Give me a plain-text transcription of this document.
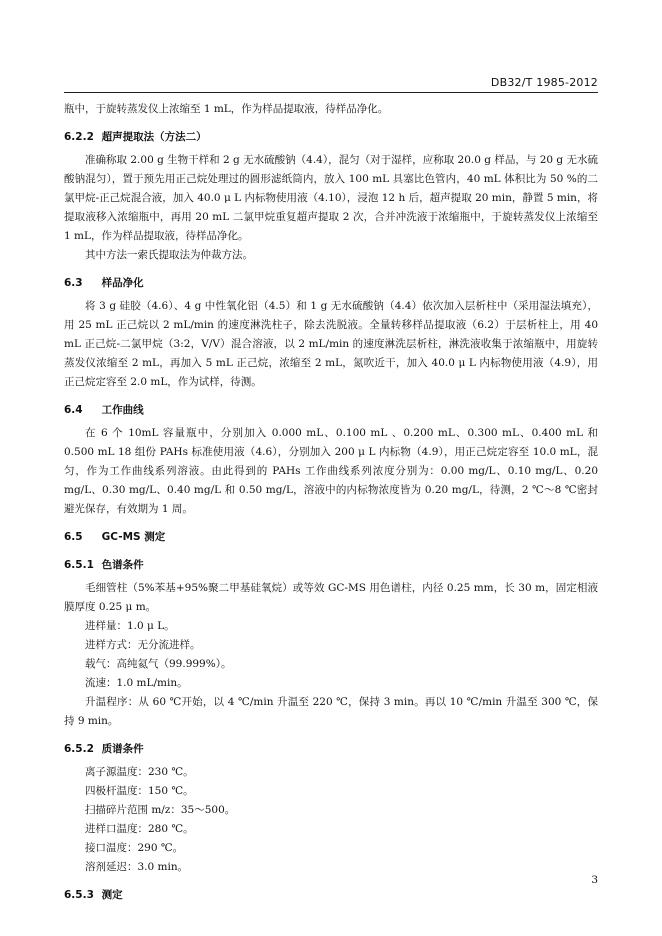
DB32/T 1985-2012

瓶中，于旋转蒸发仪上浓缩至 1 mL，作为样品提取液，待样品净化。

6.2.2 超声提取法（方法二）

准确称取 2.00 g 生物干样和 2 g 无水硫酸钠（4.4），混匀（对于湿样，应称取 20.0 g 样品，与 20 g 无水硫酸钠混匀），置于预先用正己烷处理过的圆形滤纸筒内，放入 100 mL 具塞比色管内，40 mL 体积比为 50 %的二氯甲烷-正己烷混合液，加入 40.0 μ L 内标物使用液（4.10），浸泡 12 h 后，超声提取 20 min，静置 5 min，将提取液移入浓缩瓶中，再用 20 mL 二氯甲烷重复超声提取 2 次，合并冲洗液于浓缩瓶中，于旋转蒸发仪上浓缩至 1 mL，作为样品提取液，待样品净化。

其中方法一索氏提取法为仲裁方法。

6.3 样品净化

将 3 g 硅胶（4.6）、4 g 中性氧化铝（4.5）和 1 g 无水硫酸钠（4.4）依次加入层析柱中（采用湿法填充），用 25 mL 正己烷以 2 mL/min 的速度淋洗柱子，除去洗脱液。全量转移样品提取液（6.2）于层析柱上，用 40 mL 正己烷-二氯甲烷（3:2，V/V）混合溶液，以 2 mL/min 的速度淋洗层析柱，淋洗液收集于浓缩瓶中，用旋转蒸发仪浓缩至 2 mL，再加入 5 mL 正己烷，浓缩至 2 mL，氮吹近干，加入 40.0 μ L 内标物使用液（4.9），用正己烷定容至 2.0 mL，作为试样，待测。

6.4 工作曲线

在 6 个 10mL 容量瓶中，分别加入 0.000 mL、0.100 mL 、0.200 mL、0.300 mL、0.400 mL 和 0.500 mL 18 组份 PAHs 标准使用液（4.6），分别加入 200 μ L 内标物（4.9），用正己烷定容至 10.0 mL，混匀，作为工作曲线系列溶液。由此得到的 PAHs 工作曲线系列浓度分别为：0.00 mg/L、0.10 mg/L、0.20 mg/L、0.30 mg/L、0.40 mg/L 和 0.50 mg/L，溶液中的内标物浓度皆为 0.20 mg/L，待测，2 ℃～8 ℃密封避光保存，有效期为 1 周。

6.5 GC-MS 测定
6.5.1 色谱条件

毛细管柱（5%苯基+95%聚二甲基硅氧烷）或等效 GC-MS 用色谱柱，内径 0.25 mm，长 30 m，固定相液膜厚度 0.25 μ m。

进样量：1.0 μ L。

进样方式：无分流进样。

载气：高纯氦气（99.999%）。

流速：1.0 mL/min。

升温程序：从 60 ℃开始，以 4 ℃/min 升温至 220 ℃，保持 3 min。再以 10 ℃/min 升温至 300 ℃，保持 9 min。

6.5.2 质谱条件

离子源温度：230 ℃。

四极杆温度：150 ℃。

扫描碎片范围 m/z：35～500。

进样口温度：280 ℃。

接口温度：290 ℃。

溶剂延迟：3.0 min。

6.5.3 测定
3
